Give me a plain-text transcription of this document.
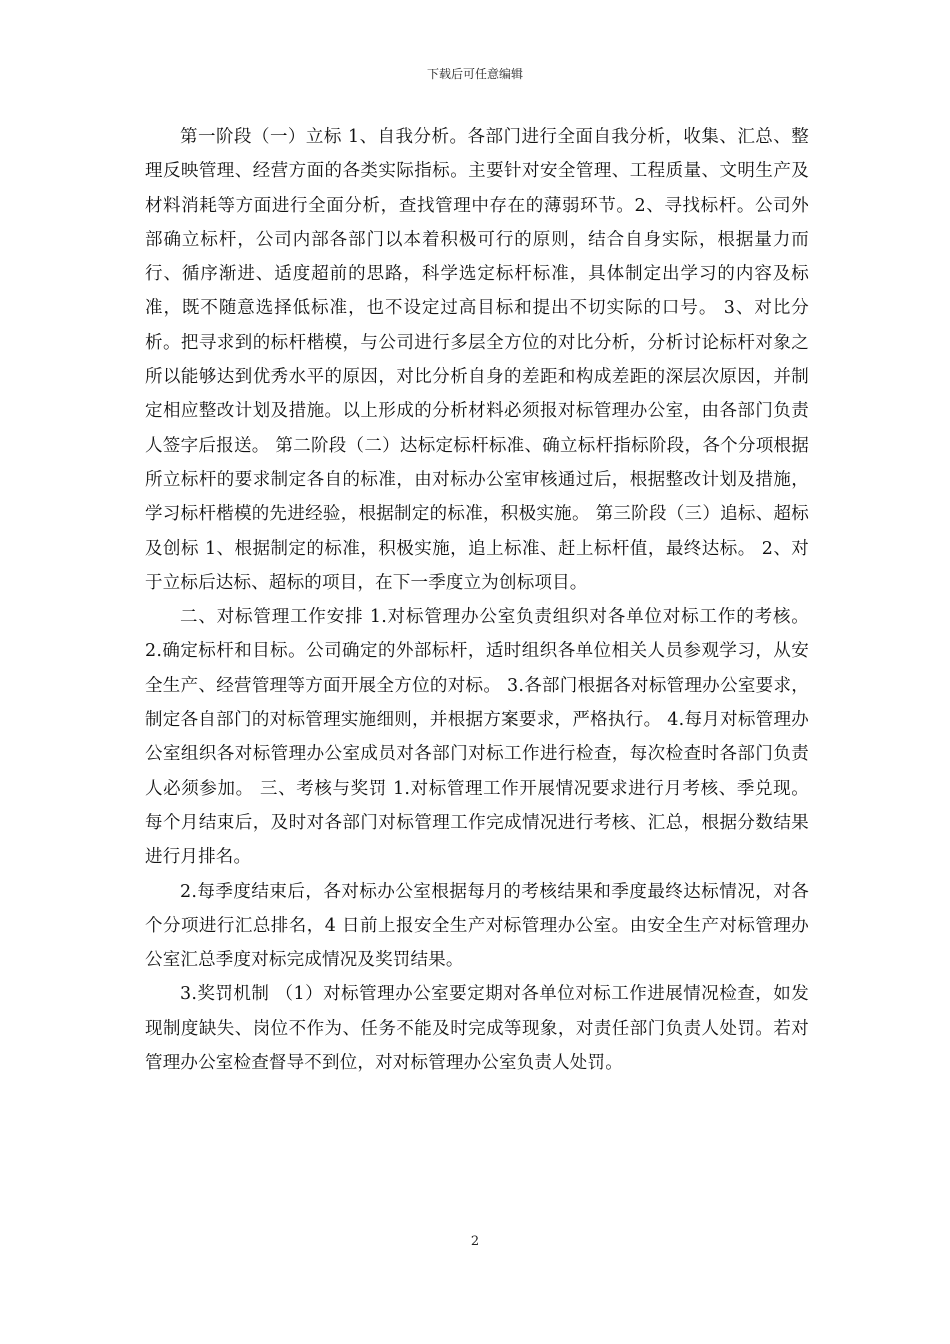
下载后可任意编辑

第一阶段（一）立标 1、自我分析。各部门进行全面自我分析，收集、汇总、整理反映管理、经营方面的各类实际指标。主要针对安全管理、工程质量、文明生产及材料消耗等方面进行全面分析，查找管理中存在的薄弱环节。2、寻找标杆。公司外部确立标杆，公司内部各部门以本着积极可行的原则，结合自身实际，根据量力而行、循序渐进、适度超前的思路，科学选定标杆标准，具体制定出学习的内容及标准，既不随意选择低标准，也不设定过高目标和提出不切实际的口号。 3、对比分析。把寻求到的标杆楷模，与公司进行多层全方位的对比分析，分析讨论标杆对象之所以能够达到优秀水平的原因，对比分析自身的差距和构成差距的深层次原因，并制定相应整改计划及措施。以上形成的分析材料必须报对标管理办公室，由各部门负责人签字后报送。 第二阶段（二）达标定标杆标准、确立标杆指标阶段，各个分项根据所立标杆的要求制定各自的标准，由对标办公室审核通过后，根据整改计划及措施，学习标杆楷模的先进经验，根据制定的标准，积极实施。 第三阶段（三）追标、超标及创标 1、根据制定的标准，积极实施，追上标准、赶上标杆值，最终达标。 2、对于立标后达标、超标的项目，在下一季度立为创标项目。

二、对标管理工作安排 1.对标管理办公室负责组织对各单位对标工作的考核。 2.确定标杆和目标。公司确定的外部标杆，适时组织各单位相关人员参观学习，从安全生产、经营管理等方面开展全方位的对标。 3.各部门根据各对标管理办公室要求，制定各自部门的对标管理实施细则，并根据方案要求，严格执行。 4.每月对标管理办公室组织各对标管理办公室成员对各部门对标工作进行检查，每次检查时各部门负责人必须参加。 三、考核与奖罚 1.对标管理工作开展情况要求进行月考核、季兑现。每个月结束后，及时对各部门对标管理工作完成情况进行考核、汇总，根据分数结果进行月排名。

2.每季度结束后，各对标办公室根据每月的考核结果和季度最终达标情况，对各个分项进行汇总排名，4 日前上报安全生产对标管理办公室。由安全生产对标管理办公室汇总季度对标完成情况及奖罚结果。

3.奖罚机制 （1）对标管理办公室要定期对各单位对标工作进展情况检查，如发现制度缺失、岗位不作为、任务不能及时完成等现象，对责任部门负责人处罚。若对管理办公室检查督导不到位，对对标管理办公室负责人处罚。

2
